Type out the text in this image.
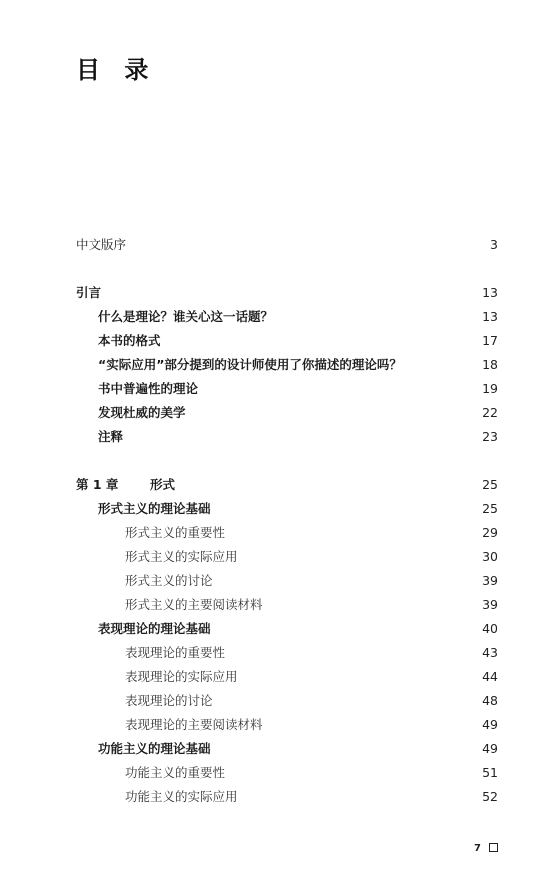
目 录
中文版序	3
引言	13
什么是理论？谁关心这一话题？	13
本书的格式	17
“实际应用”部分提到的设计师使用了你描述的理论吗？	18
书中普遍性的理论	19
发现杜威的美学	22
注释	23
第 1 章	形式	25
形式主义的理论基础	25
形式主义的重要性	29
形式主义的实际应用	30
形式主义的讨论	39
形式主义的主要阅读材料	39
表现理论的理论基础	40
表现理论的重要性	43
表现理论的实际应用	44
表现理论的讨论	48
表现理论的主要阅读材料	49
功能主义的理论基础	49
功能主义的重要性	51
功能主义的实际应用	52
7
